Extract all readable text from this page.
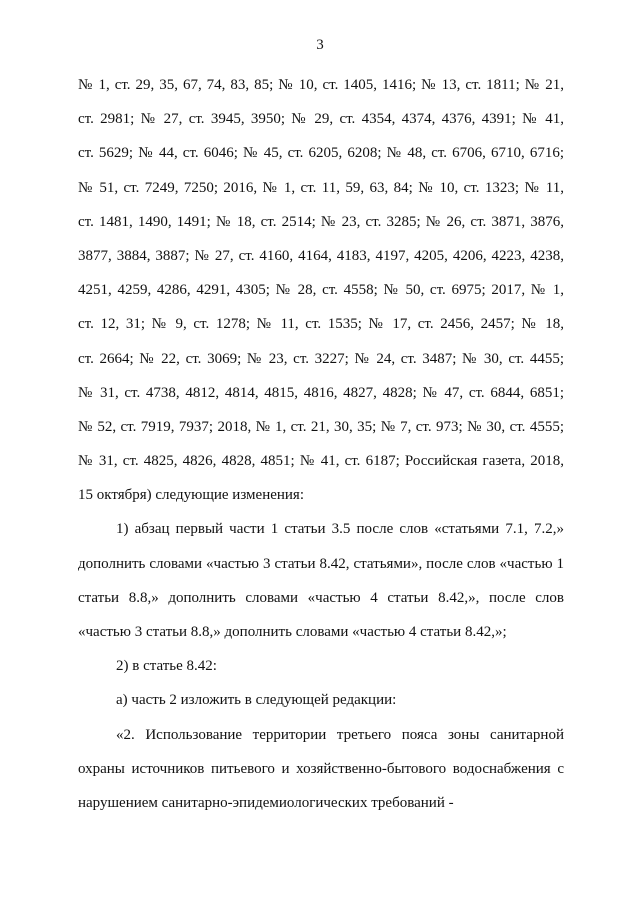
3
№ 1, ст. 29, 35, 67, 74, 83, 85; № 10, ст. 1405, 1416; № 13, ст. 1811; № 21,
ст. 2981; № 27, ст. 3945, 3950; № 29, ст. 4354, 4374, 4376, 4391; № 41,
ст. 5629; № 44, ст. 6046; № 45, ст. 6205, 6208; № 48, ст. 6706, 6710, 6716;
№ 51, ст. 7249, 7250; 2016, № 1, ст. 11, 59, 63, 84; № 10, ст. 1323; № 11,
ст. 1481, 1490, 1491; № 18, ст. 2514; № 23, ст. 3285; № 26, ст. 3871, 3876,
3877, 3884, 3887; № 27, ст. 4160, 4164, 4183, 4197, 4205, 4206, 4223, 4238,
4251, 4259, 4286, 4291, 4305; № 28, ст. 4558; № 50, ст. 6975; 2017, № 1,
ст. 12, 31; № 9, ст. 1278; № 11, ст. 1535; № 17, ст. 2456, 2457; № 18,
ст. 2664; № 22, ст. 3069; № 23, ст. 3227; № 24, ст. 3487; № 30, ст. 4455;
№ 31, ст. 4738, 4812, 4814, 4815, 4816, 4827, 4828; № 47, ст. 6844, 6851;
№ 52, ст. 7919, 7937; 2018, № 1, ст. 21, 30, 35; № 7, ст. 973; № 30, ст. 4555;
№ 31, ст. 4825, 4826, 4828, 4851; № 41, ст. 6187; Российская газета, 2018,
15 октября) следующие изменения:
1) абзац первый части 1 статьи 3.5 после слов «статьями 7.1, 7.2,»
дополнить словами «частью 3 статьи 8.42, статьями», после слов «частью 1
статьи 8.8,» дополнить словами «частью 4 статьи 8.42,», после слов
«частью 3 статьи 8.8,» дополнить словами «частью 4 статьи 8.42,»;
2) в статье 8.42:
а) часть 2 изложить в следующей редакции:
«2. Использование территории третьего пояса зоны санитарной
охраны источников питьевого и хозяйственно-бытового водоснабжения с
нарушением санитарно-эпидемиологических требований -
